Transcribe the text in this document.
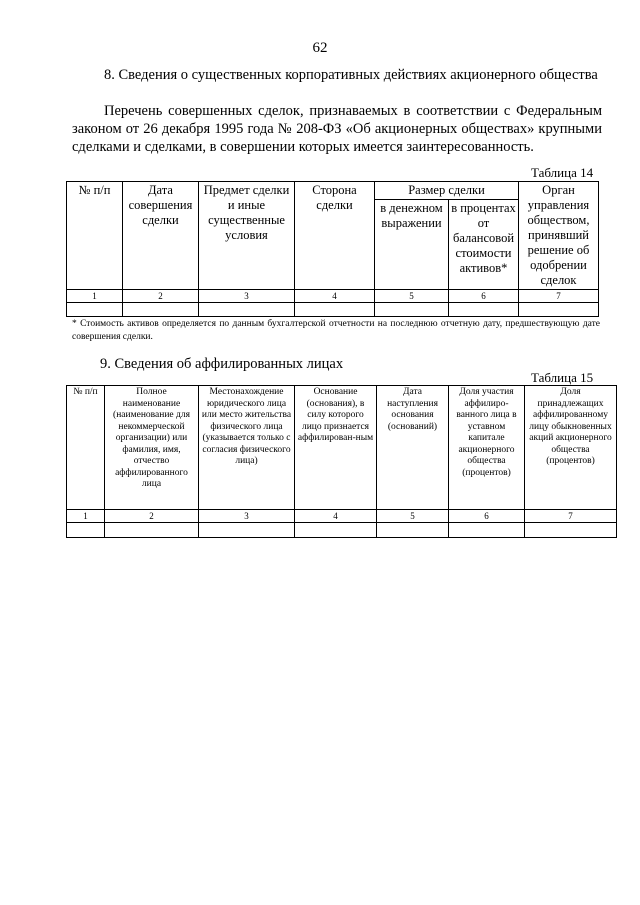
62
8. Сведения о существенных корпоративных действиях акционерного общества
Перечень совершенных сделок, признаваемых в соответствии с Федеральным законом от 26 декабря 1995 года № 208-ФЗ «Об акционерных обществах» крупными сделками и сделками, в совершении которых имеется заинтересованность.
Таблица 14
№ п/п	Дата совершения сделки	Предмет сделки и иные существенные условия	Сторона сделки	Размер сделки		Орган управления обществом, принявший решение об одобрении сделок
				в денежном выражении	в процентах от балансовой стоимости активов*	
1	2	3	4	5	6	7

* Стоимость активов определяется по данным бухгалтерской отчетности на последнюю отчетную дату, предшествующую дате совершения сделки.
9. Сведения об аффилированных лицах
Таблица 15
№ п/п	Полное наименование (наименование для некоммерческой организации) или фамилия, имя, отчество аффилированного лица	Местонахождение юридического лица или место жительства физического лица (указывается только с согласия физического лица)	Основание (основания), в силу которого лицо признается аффилирован-ным	Дата наступления основания (оснований)	Доля участия аффилиро-ванного лица в уставном капитале акционерного общества (процентов)	Доля принадлежащих аффилированному лицу обыкновенных акций акционерного общества (процентов)
1	2	3	4	5	6	7
